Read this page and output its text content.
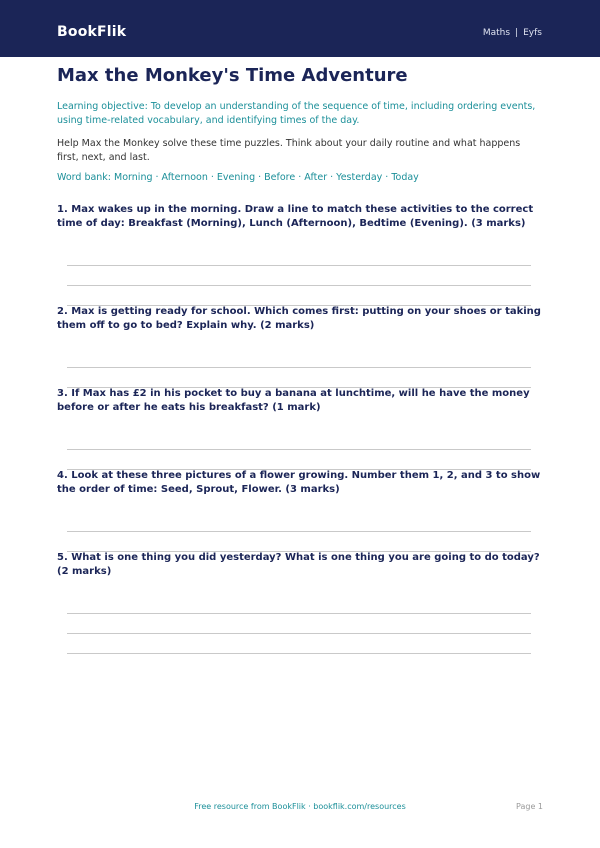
BookFlik	Maths | Eyfs
Max the Monkey's Time Adventure
Learning objective: To develop an understanding of the sequence of time, including ordering events, using time-related vocabulary, and identifying times of the day.
Help Max the Monkey solve these time puzzles. Think about your daily routine and what happens first, next, and last.
Word bank: Morning · Afternoon · Evening · Before · After · Yesterday · Today

1. Max wakes up in the morning. Draw a line to match these activities to the correct time of day: Breakfast (Morning), Lunch (Afternoon), Bedtime (Evening). (3 marks)

2. Max is getting ready for school. Which comes first: putting on your shoes or taking them off to go to bed? Explain why. (2 marks)

3. If Max has £2 in his pocket to buy a banana at lunchtime, will he have the money before or after he eats his breakfast? (1 mark)

4. Look at these three pictures of a flower growing. Number them 1, 2, and 3 to show the order of time: Seed, Sprout, Flower. (3 marks)

5. What is one thing you did yesterday? What is one thing you are going to do today? (2 marks)

Free resource from BookFlik · bookflik.com/resources	Page 1
